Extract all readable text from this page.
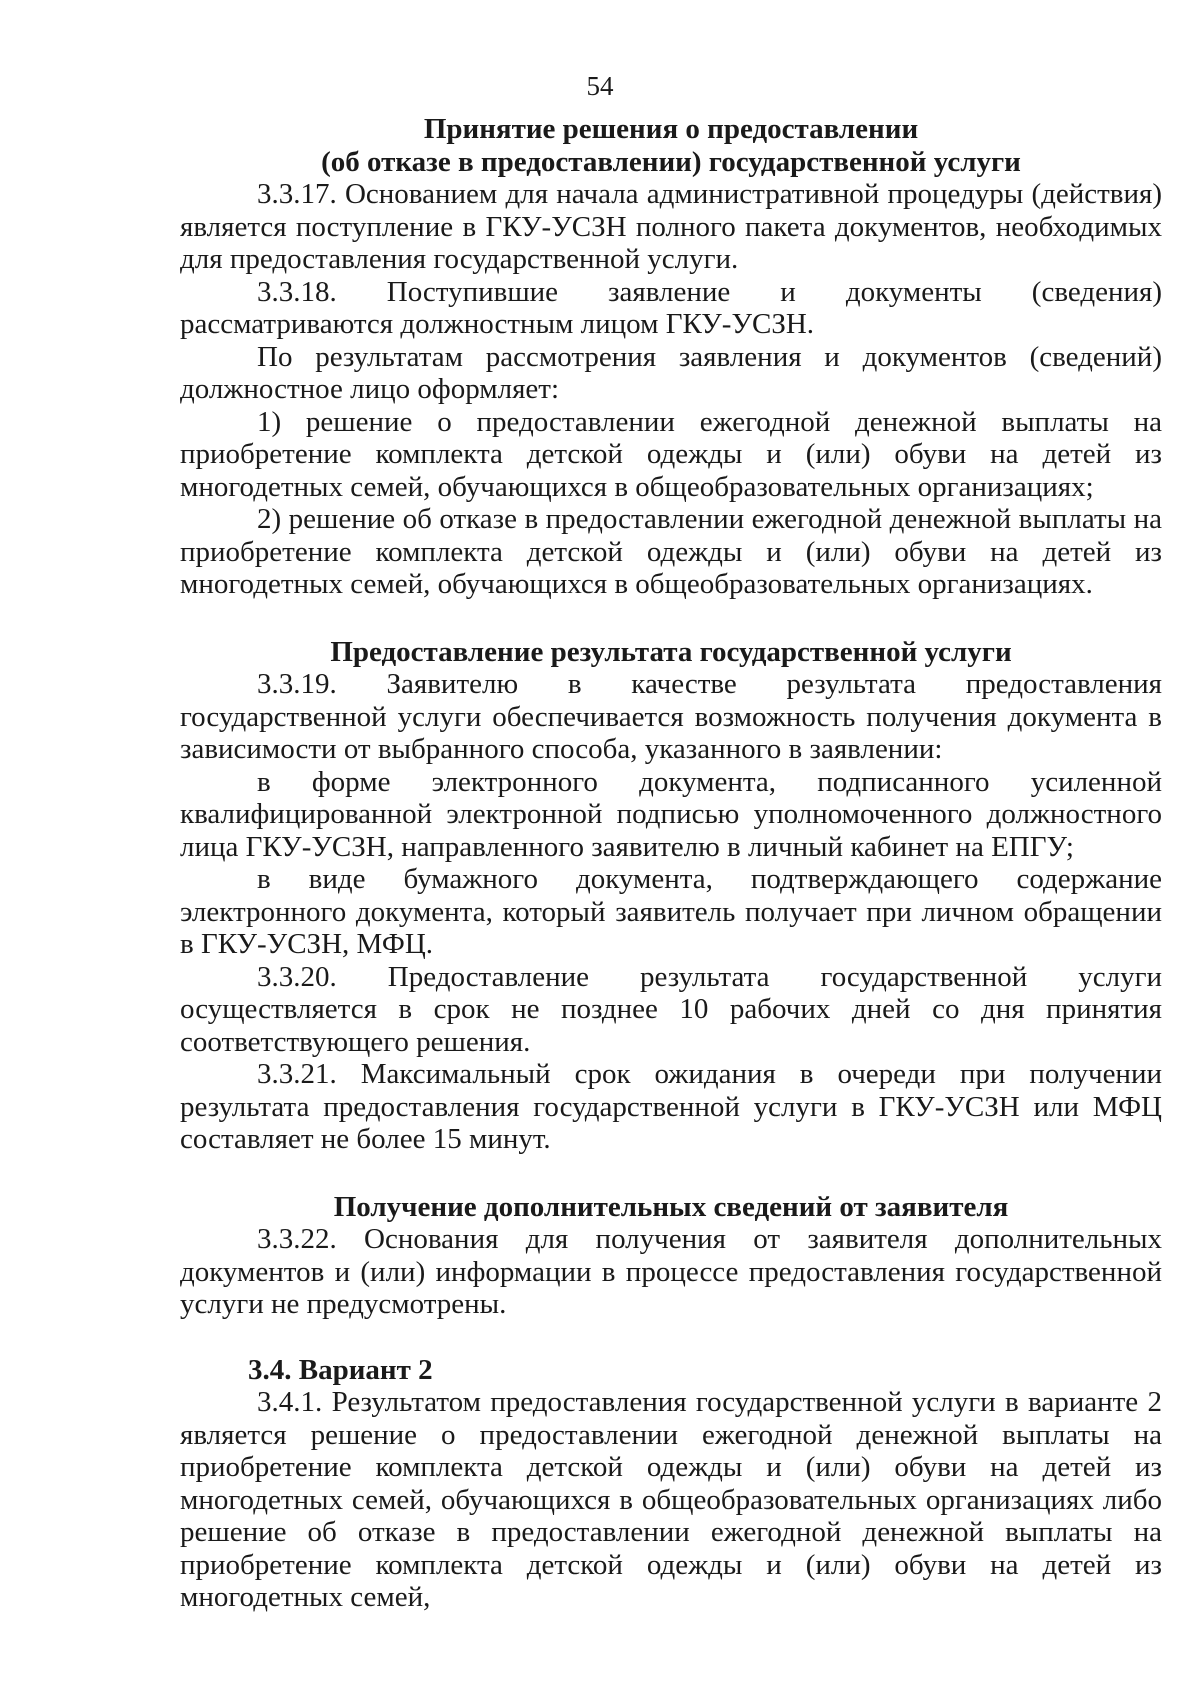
54
Принятие решения о предоставлении
(об отказе в предоставлении) государственной услуги

3.3.17. Основанием для начала административной процедуры (действия) является поступление в ГКУ-УСЗН полного пакета документов, необходимых для предоставления государственной услуги.

3.3.18. Поступившие заявление и документы (сведения) рассматриваются должностным лицом ГКУ-УСЗН.

По результатам рассмотрения заявления и документов (сведений) должностное лицо оформляет:

1) решение о предоставлении ежегодной денежной выплаты на приобретение комплекта детской одежды и (или) обуви на детей из многодетных семей, обучающихся в общеобразовательных организациях;

2) решение об отказе в предоставлении ежегодной денежной выплаты на приобретение комплекта детской одежды и (или) обуви на детей из многодетных семей, обучающихся в общеобразовательных организациях.

Предоставление результата государственной услуги

3.3.19. Заявителю в качестве результата предоставления государственной услуги обеспечивается возможность получения документа в зависимости от выбранного способа, указанного в заявлении:

в форме электронного документа, подписанного усиленной квалифицированной электронной подписью уполномоченного должностного лица ГКУ-УСЗН, направленного заявителю в личный кабинет на ЕПГУ;

в виде бумажного документа, подтверждающего содержание электронного документа, который заявитель получает при личном обращении в ГКУ-УСЗН, МФЦ.

3.3.20. Предоставление результата государственной услуги осуществляется в срок не позднее 10 рабочих дней со дня принятия соответствующего решения.

3.3.21. Максимальный срок ожидания в очереди при получении результата предоставления государственной услуги в ГКУ-УСЗН или МФЦ составляет не более 15 минут.

Получение дополнительных сведений от заявителя

3.3.22. Основания для получения от заявителя дополнительных документов и (или) информации в процессе предоставления государственной услуги не предусмотрены.

3.4. Вариант 2

3.4.1. Результатом предоставления государственной услуги в варианте 2 является решение о предоставлении ежегодной денежной выплаты на приобретение комплекта детской одежды и (или) обуви на детей из многодетных семей, обучающихся в общеобразовательных организациях либо решение об отказе в предоставлении ежегодной денежной выплаты на приобретение комплекта детской одежды и (или) обуви на детей из многодетных семей,
